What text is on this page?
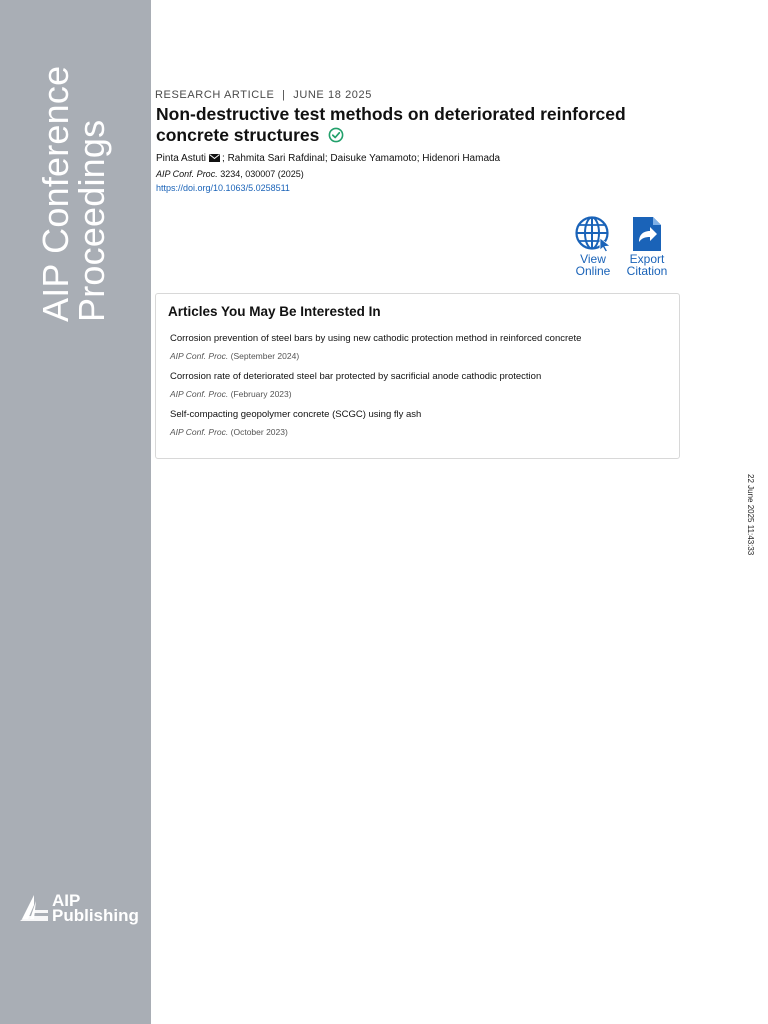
AIP Conference
Proceedings
AIP
Publishing
RESEARCH ARTICLE | JUNE 18 2025
Non-destructive test methods on deteriorated reinforced concrete structures
Pinta Astuti ; Rahmita Sari Rafdinal; Daisuke Yamamoto; Hidenori Hamada
AIP Conf. Proc. 3234, 030007 (2025)
https://doi.org/10.1063/5.0258511
View
Online
Export
Citation
Articles You May Be Interested In
Corrosion prevention of steel bars by using new cathodic protection method in reinforced concrete
AIP Conf. Proc. (September 2024)
Corrosion rate of deteriorated steel bar protected by sacrificial anode cathodic protection
AIP Conf. Proc. (February 2023)
Self-compacting geopolymer concrete (SCGC) using fly ash
AIP Conf. Proc. (October 2023)
22 June 2025 11:43:33
